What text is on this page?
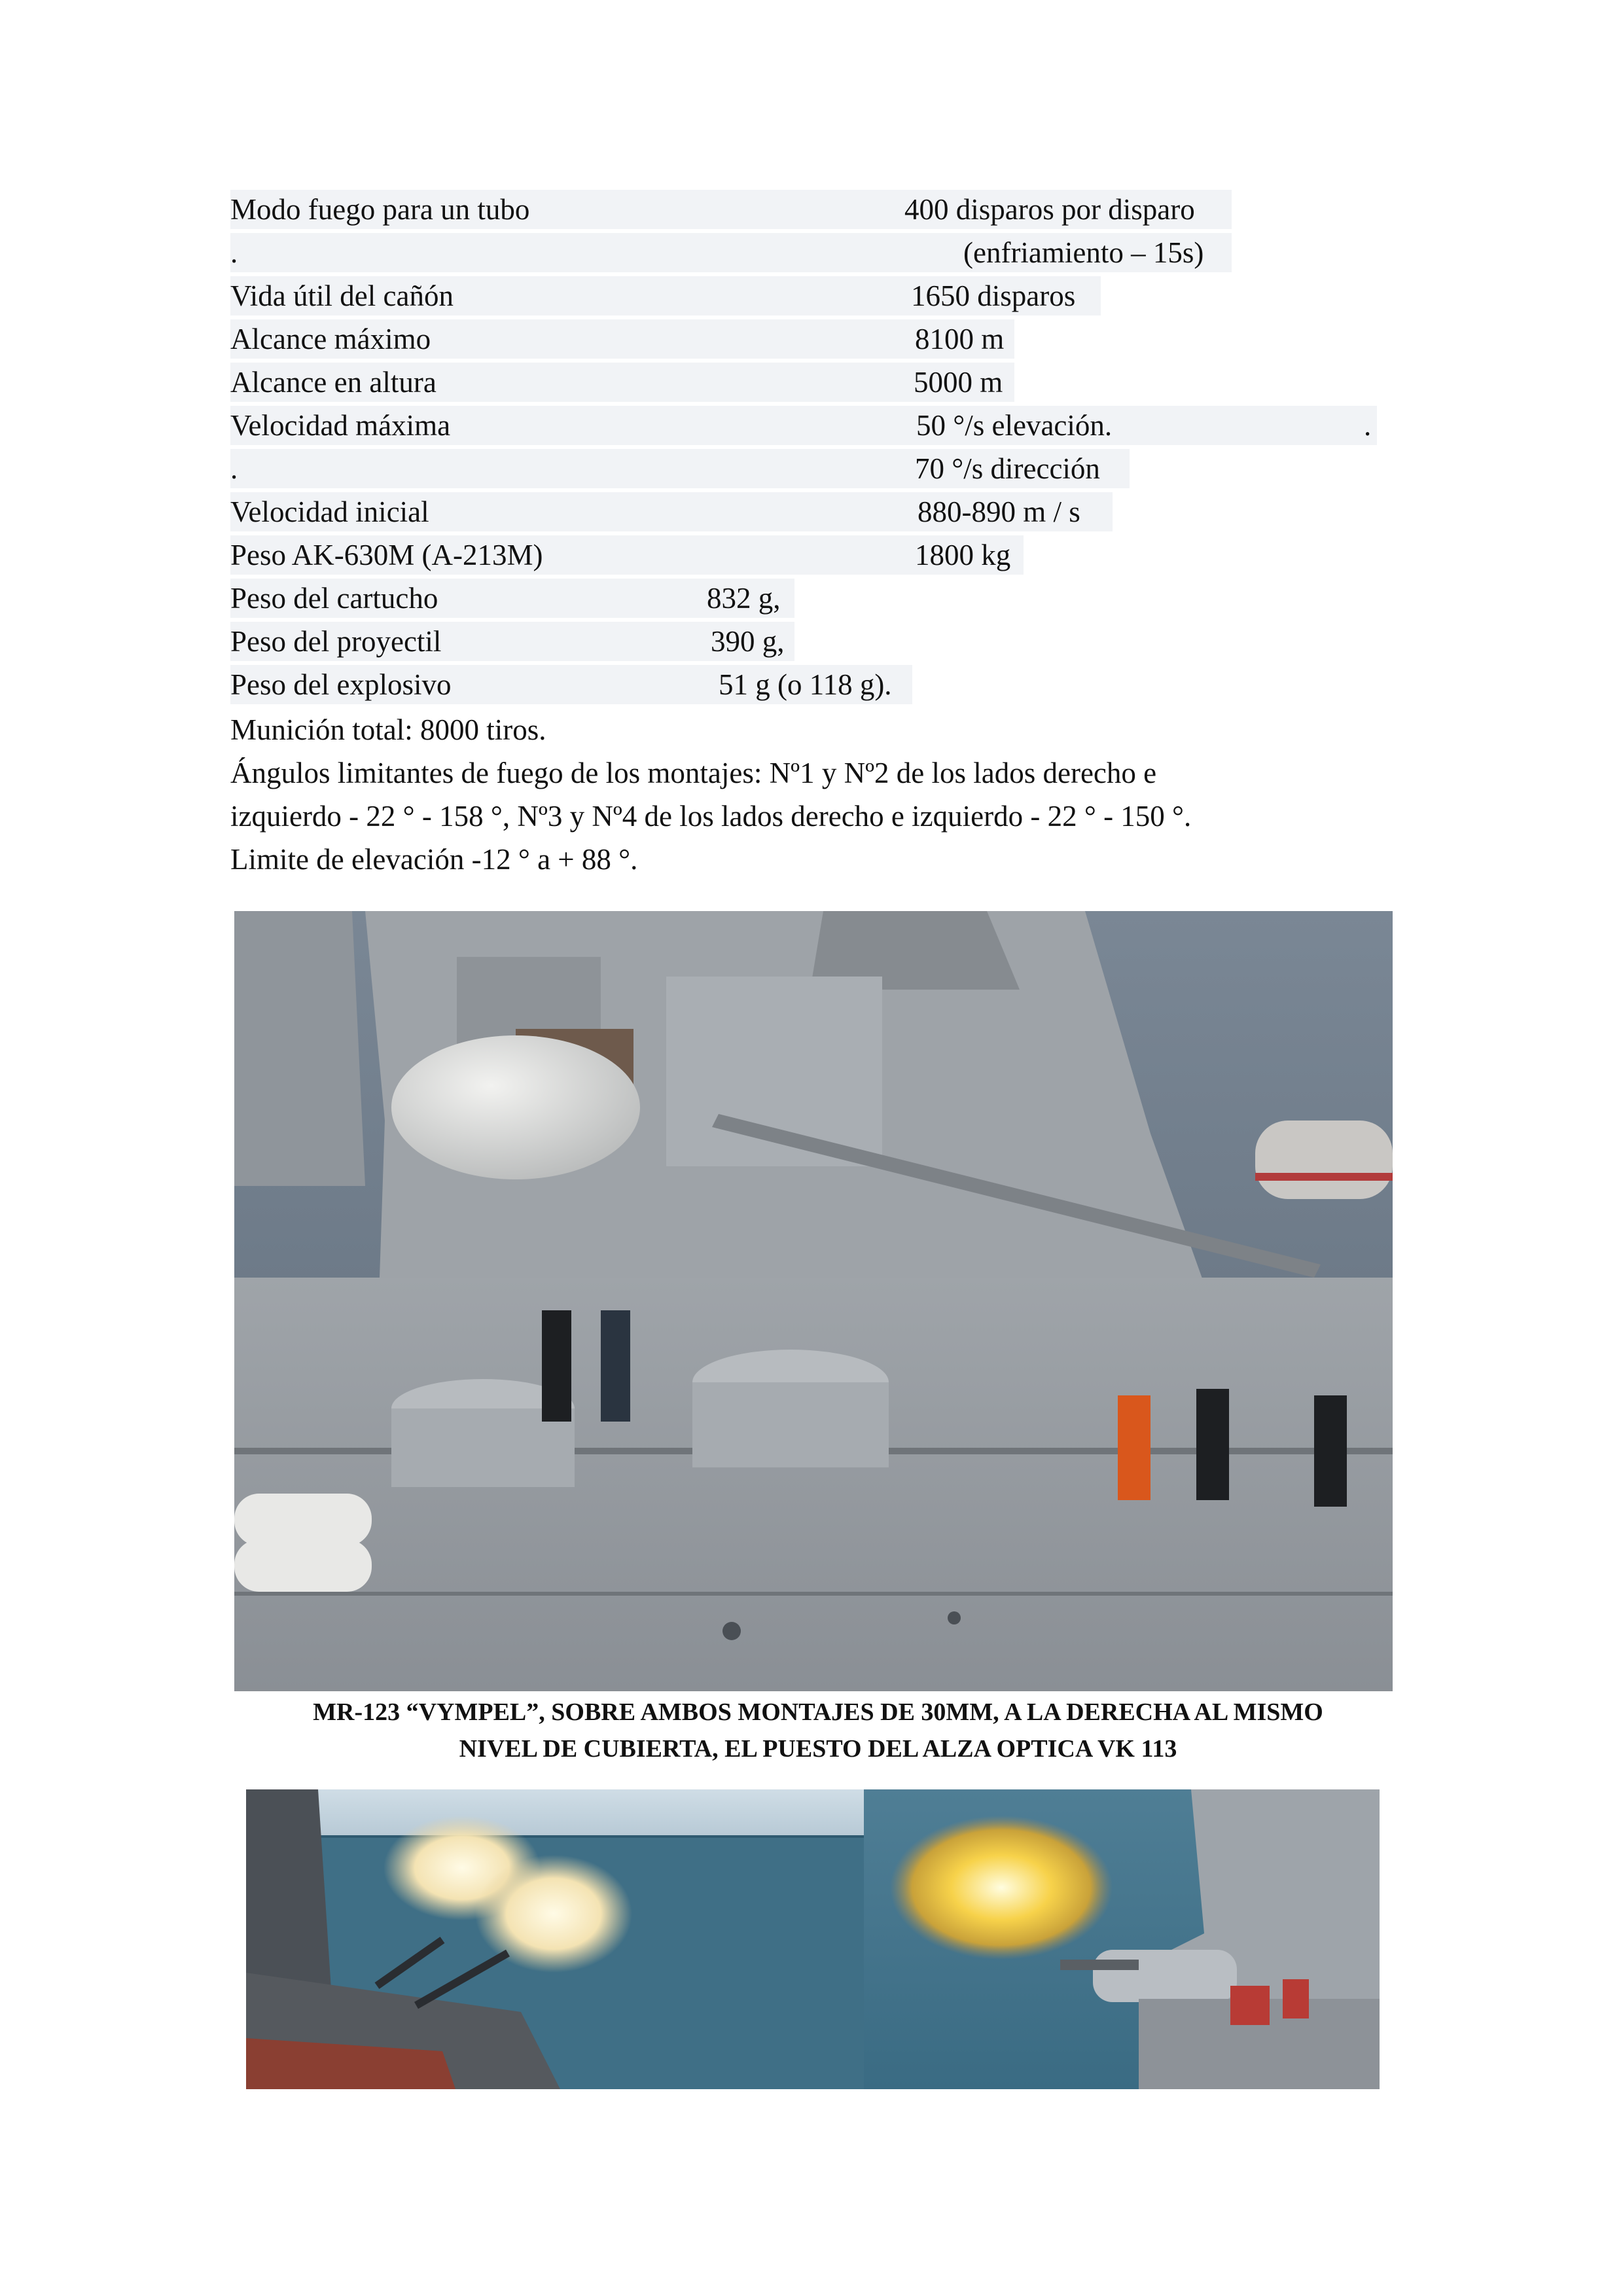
Modo fuego para un tubo	400 disparos por disparo
.	(enfriamiento – 15s)
Vida útil del cañón	1650 disparos
Alcance máximo	8100 m
Alcance en altura	5000 m
Velocidad máxima	50 °/s elevación.	.
.	70 °/s dirección
Velocidad inicial	880-890 m / s
Peso AK-630M (A-213M)	1800 kg
Peso del cartucho	832 g,
Peso del proyectil	390 g,
Peso del explosivo	51 g (o 118 g).
Munición total: 8000 tiros.
Ángulos limitantes de fuego de los montajes: Nº1 y Nº2 de los lados derecho e
izquierdo - 22 ° - 158 °, Nº3 y Nº4 de los lados derecho e izquierdo - 22 ° - 150 °.
Limite de elevación -12 ° a + 88 °.
MR-123 “VYMPEL”, SOBRE AMBOS MONTAJES DE 30MM, A LA DERECHA AL MISMO
NIVEL DE CUBIERTA, EL PUESTO DEL ALZA OPTICA VK 113
